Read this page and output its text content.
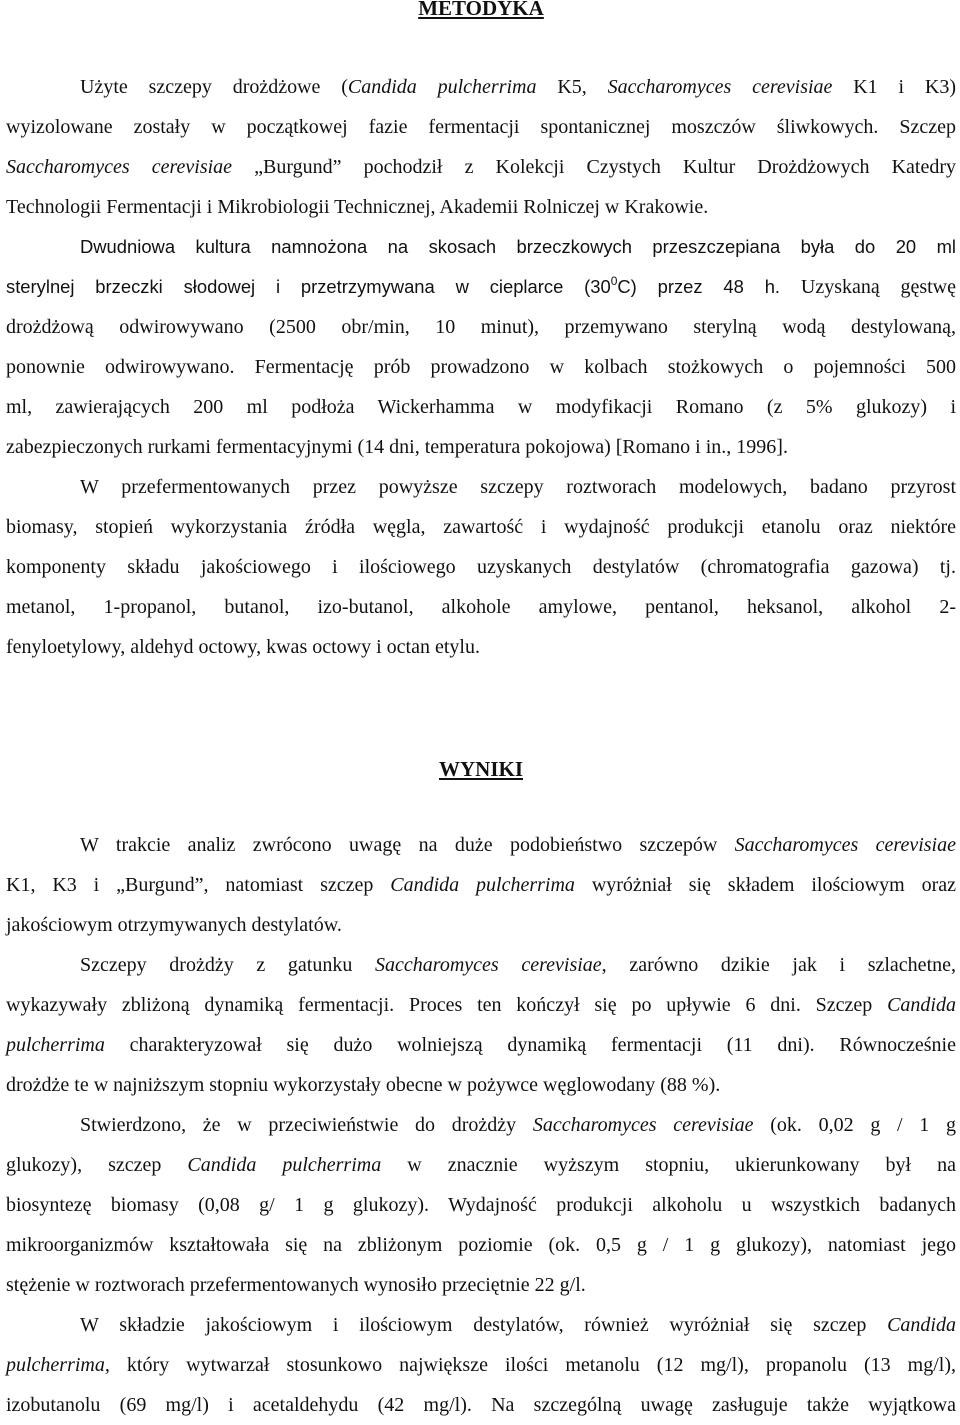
METODYKA
Użyte szczepy drożdżowe (Candida pulcherrima K5, Saccharomyces cerevisiae K1 i K3)
wyizolowane zostały w początkowej fazie fermentacji spontanicznej moszczów śliwkowych. Szczep
Saccharomyces cerevisiae „Burgund” pochodził z Kolekcji Czystych Kultur Drożdżowych Katedry
Technologii Fermentacji i Mikrobiologii Technicznej, Akademii Rolniczej w Krakowie.
Dwudniowa kultura namnożona na skosach brzeczkowych przeszczepiana była do 20 ml
sterylnej brzeczki słodowej i przetrzymywana w cieplarce $(30^0C)$ przez 48 h. Uzyskaną gęstwę
drożdżową odwirowywano (2500 obr/min, 10 minut), przemywano sterylną wodą destylowaną,
ponownie odwirowywano. Fermentację prób prowadzono w kolbach stożkowych o pojemności 500
ml, zawierających 200 ml podłoża Wickerhamma w modyfikacji Romano (z 5% glukozy) i
zabezpieczonych rurkami fermentacyjnymi (14 dni, temperatura pokojowa) [Romano i in., 1996].
W przefermentowanych przez powyższe szczepy roztworach modelowych, badano przyrost
biomasy, stopień wykorzystania źródła węgla, zawartość i wydajność produkcji etanolu oraz niektóre
komponenty składu jakościowego i ilościowego uzyskanych destylatów (chromatografia gazowa) tj.
metanol, 1-propanol, butanol, izo-butanol, alkohole amylowe, pentanol, heksanol, alkohol 2-
fenyloetylowy, aldehyd octowy, kwas octowy i octan etylu.
WYNIKI
W trakcie analiz zwrócono uwagę na duże podobieństwo szczepów Saccharomyces cerevisiae
K1, K3 i „Burgund”, natomiast szczep Candida pulcherrima wyróżniał się składem ilościowym oraz
jakościowym otrzymywanych destylatów.
Szczepy drożdży z gatunku Saccharomyces cerevisiae, zarówno dzikie jak i szlachetne,
wykazywały zbliżoną dynamiką fermentacji. Proces ten kończył się po upływie 6 dni. Szczep Candida
pulcherrima charakteryzował się dużo wolniejszą dynamiką fermentacji (11 dni). Równocześnie
drożdże te w najniższym stopniu wykorzystały obecne w pożywce węglowodany (88 %).
Stwierdzono, że w przeciwieństwie do drożdży Saccharomyces cerevisiae (ok. 0,02 g / 1 g
glukozy), szczep Candida pulcherrima w znacznie wyższym stopniu, ukierunkowany był na
biosyntezę biomasy (0,08 g/ 1 g glukozy). Wydajność produkcji alkoholu u wszystkich badanych
mikroorganizmów kształtowała się na zbliżonym poziomie (ok. 0,5 g / 1 g glukozy), natomiast jego
stężenie w roztworach przefermentowanych wynosiło przeciętnie 22 g/l.
W składzie jakościowym i ilościowym destylatów, również wyróżniał się szczep Candida
pulcherrima, który wytwarzał stosunkowo największe ilości metanolu (12 mg/l), propanolu (13 mg/l),
izobutanolu (69 mg/l) i acetaldehydu (42 mg/l). Na szczególną uwagę zasługuje także wyjątkowa
